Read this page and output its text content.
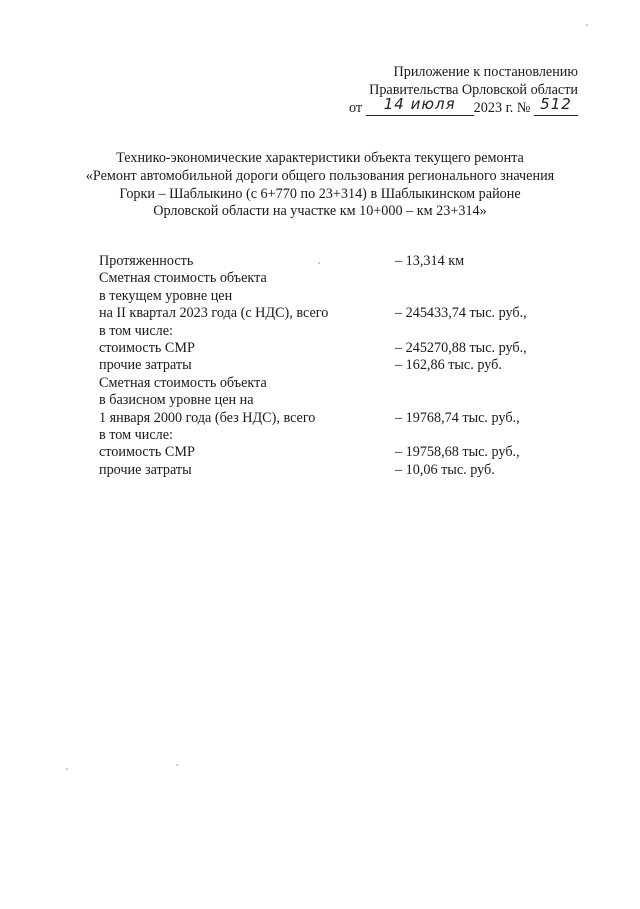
Приложение к постановлению
Правительства Орловской области
от 14 июля 2023 г. № 512
Технико-экономические характеристики объекта текущего ремонта
«Ремонт автомобильной дороги общего пользования регионального значения
Горки – Шаблыкино (с 6+770 по 23+314) в Шаблыкинском районе
Орловской области на участке км 10+000 – км 23+314»
Протяженность	– 13,314 км
Сметная стоимость объекта
в текущем уровне цен
на II квартал 2023 года (с НДС), всего	– 245433,74 тыс. руб.,
в том числе:
стоимость СМР	– 245270,88 тыс. руб.,
прочие затраты	– 162,86 тыс. руб.
Сметная стоимость объекта
в базисном уровне цен на
1 января 2000 года (без НДС), всего	– 19768,74 тыс. руб.,
в том числе:
стоимость СМР	– 19758,68 тыс. руб.,
прочие затраты	– 10,06 тыс. руб.
